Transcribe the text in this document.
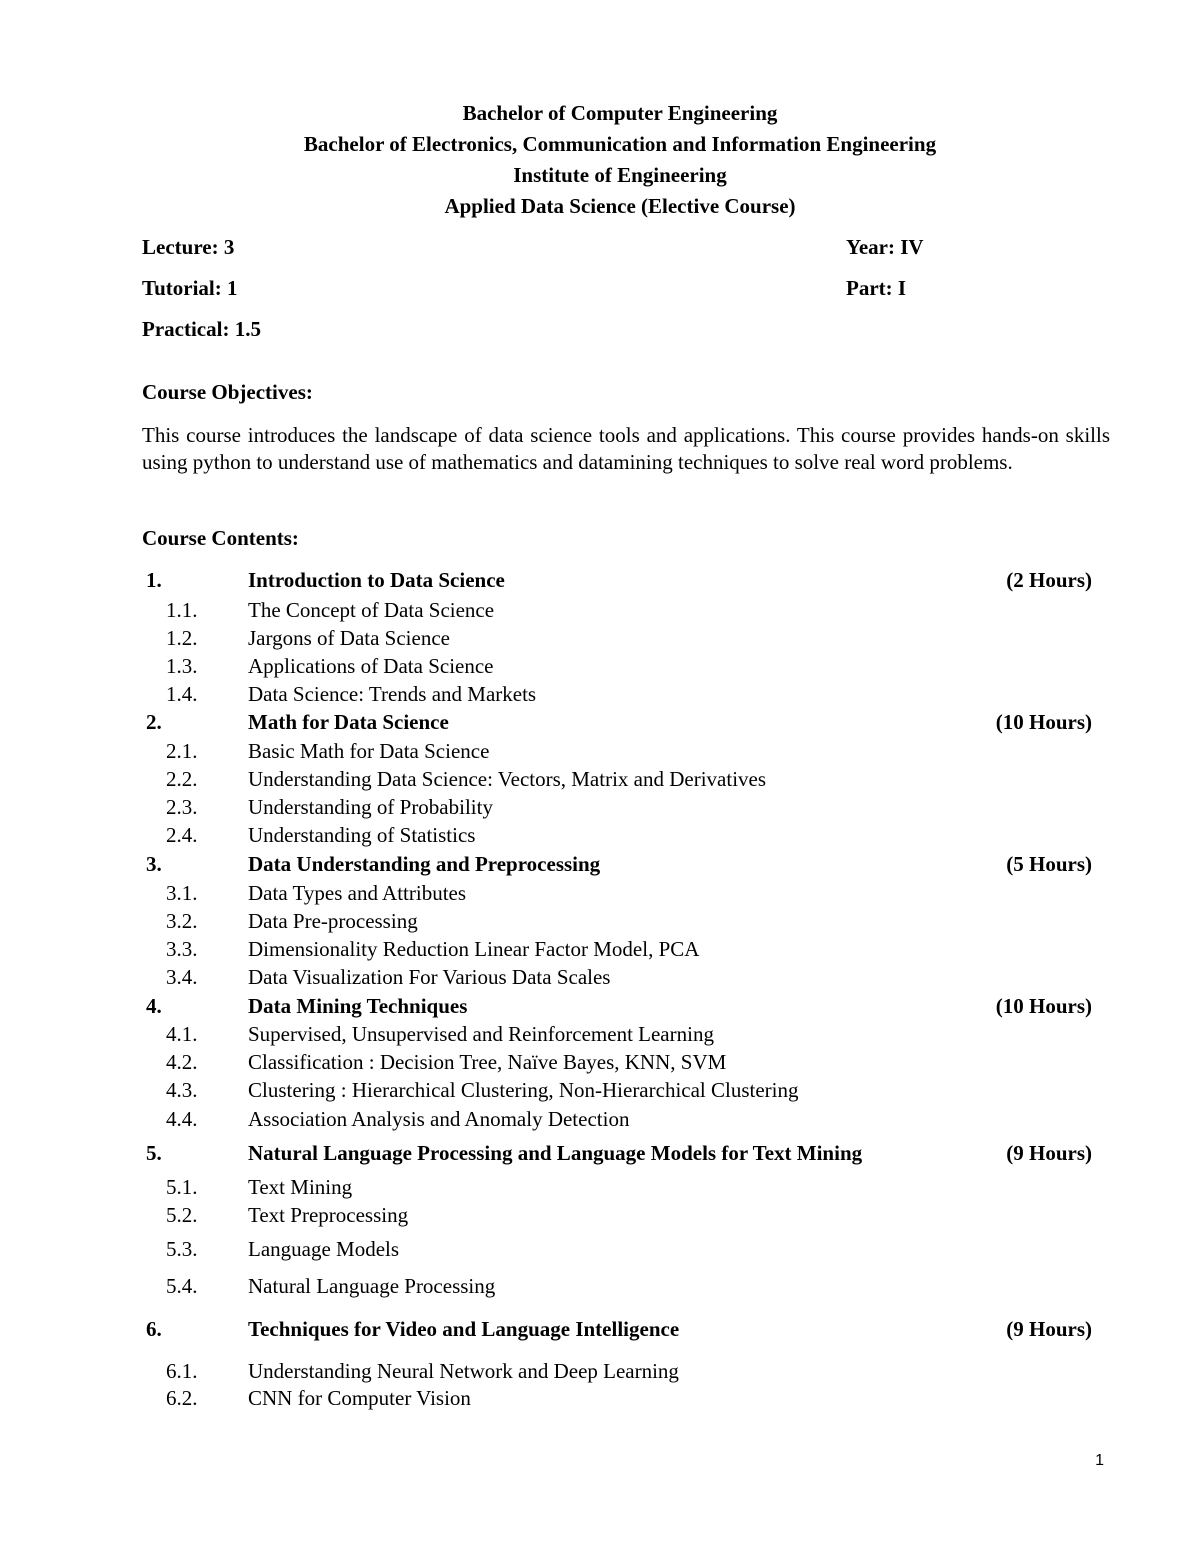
Bachelor of Computer Engineering
Bachelor of Electronics, Communication and Information Engineering
Institute of Engineering
Applied Data Science (Elective Course)
Lecture: 3	Year: IV
Tutorial: 1	Part: I
Practical: 1.5
Course Objectives:
This course introduces the landscape of data science tools and applications. This course provides hands-on skills using python to understand use of mathematics and datamining techniques to solve real word problems.
Course Contents:
1.	Introduction to Data Science	(2 Hours)
1.1. The Concept of Data Science
1.2. Jargons of Data Science
1.3. Applications of Data Science
1.4. Data Science: Trends and Markets
2.	Math for Data Science	(10 Hours)
2.1. Basic Math for Data Science
2.2. Understanding Data Science: Vectors, Matrix and Derivatives
2.3. Understanding of Probability
2.4. Understanding of Statistics
3.	Data Understanding and Preprocessing	(5 Hours)
3.1. Data Types and Attributes
3.2. Data Pre-processing
3.3. Dimensionality Reduction Linear Factor Model, PCA
3.4. Data Visualization For Various Data Scales
4.	Data Mining Techniques	(10 Hours)
4.1. Supervised, Unsupervised and Reinforcement Learning
4.2. Classification : Decision Tree, Naïve Bayes, KNN, SVM
4.3. Clustering : Hierarchical Clustering, Non-Hierarchical Clustering
4.4. Association Analysis and Anomaly Detection
5.	Natural Language Processing and Language Models for Text Mining	(9 Hours)
5.1. Text Mining
5.2. Text Preprocessing
5.3. Language Models
5.4. Natural Language Processing
6.	Techniques for Video and Language Intelligence	(9 Hours)
6.1. Understanding Neural Network and Deep Learning
6.2. CNN for Computer Vision
1
